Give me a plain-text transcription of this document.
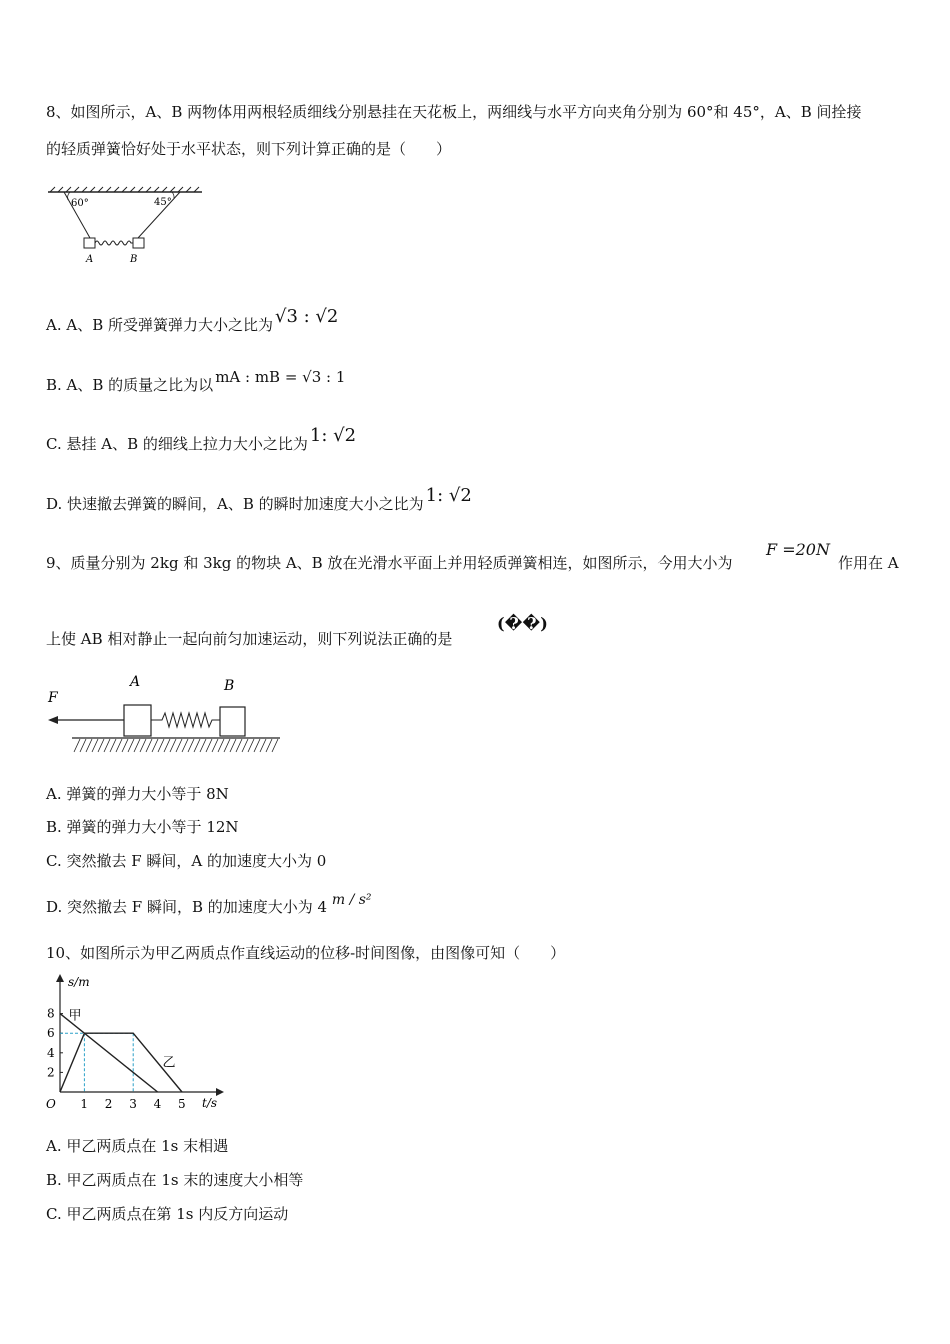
8、如图所示，A、B 两物体用两根轻质细线分别悬挂在天花板上，两细线与水平方向夹角分别为 60°和 45°，A、B 间拴接
的轻质弹簧恰好处于水平状态，则下列计算正确的是（　　）
60°	45°
A	B
A. A、B 所受弹簧弹力大小之比为 √3 : √2
B. A、B 的质量之比为以 mA : mB = √3 : 1
C. 悬挂 A、B 的细线上拉力大小之比为 1: √2
D. 快速撤去弹簧的瞬间，A、B 的瞬时加速度大小之比为 1: √2
9、质量分别为 2kg 和 3kg 的物块 A、B 放在光滑水平面上并用轻质弹簧相连，如图所示，今用大小为
F =20N
作用在 A
上使 AB 相对静止一起向前匀加速运动，则下列说法正确的是
(��)
F
A	B
A. 弹簧的弹力大小等于 8N
B. 弹簧的弹力大小等于 12N
C. 突然撤去 F 瞬间，A 的加速度大小为 0
D. 突然撤去 F 瞬间，B 的加速度大小为 4 m / s²
10、如图所示为甲乙两质点作直线运动的位移-时间图像，由图像可知（　　）
s/m
t/s
O 1 2 3 4 5
2
4
6
8 甲
乙
A. 甲乙两质点在 1s 末相遇
B. 甲乙两质点在 1s 末的速度大小相等
C. 甲乙两质点在第 1s 内反方向运动
